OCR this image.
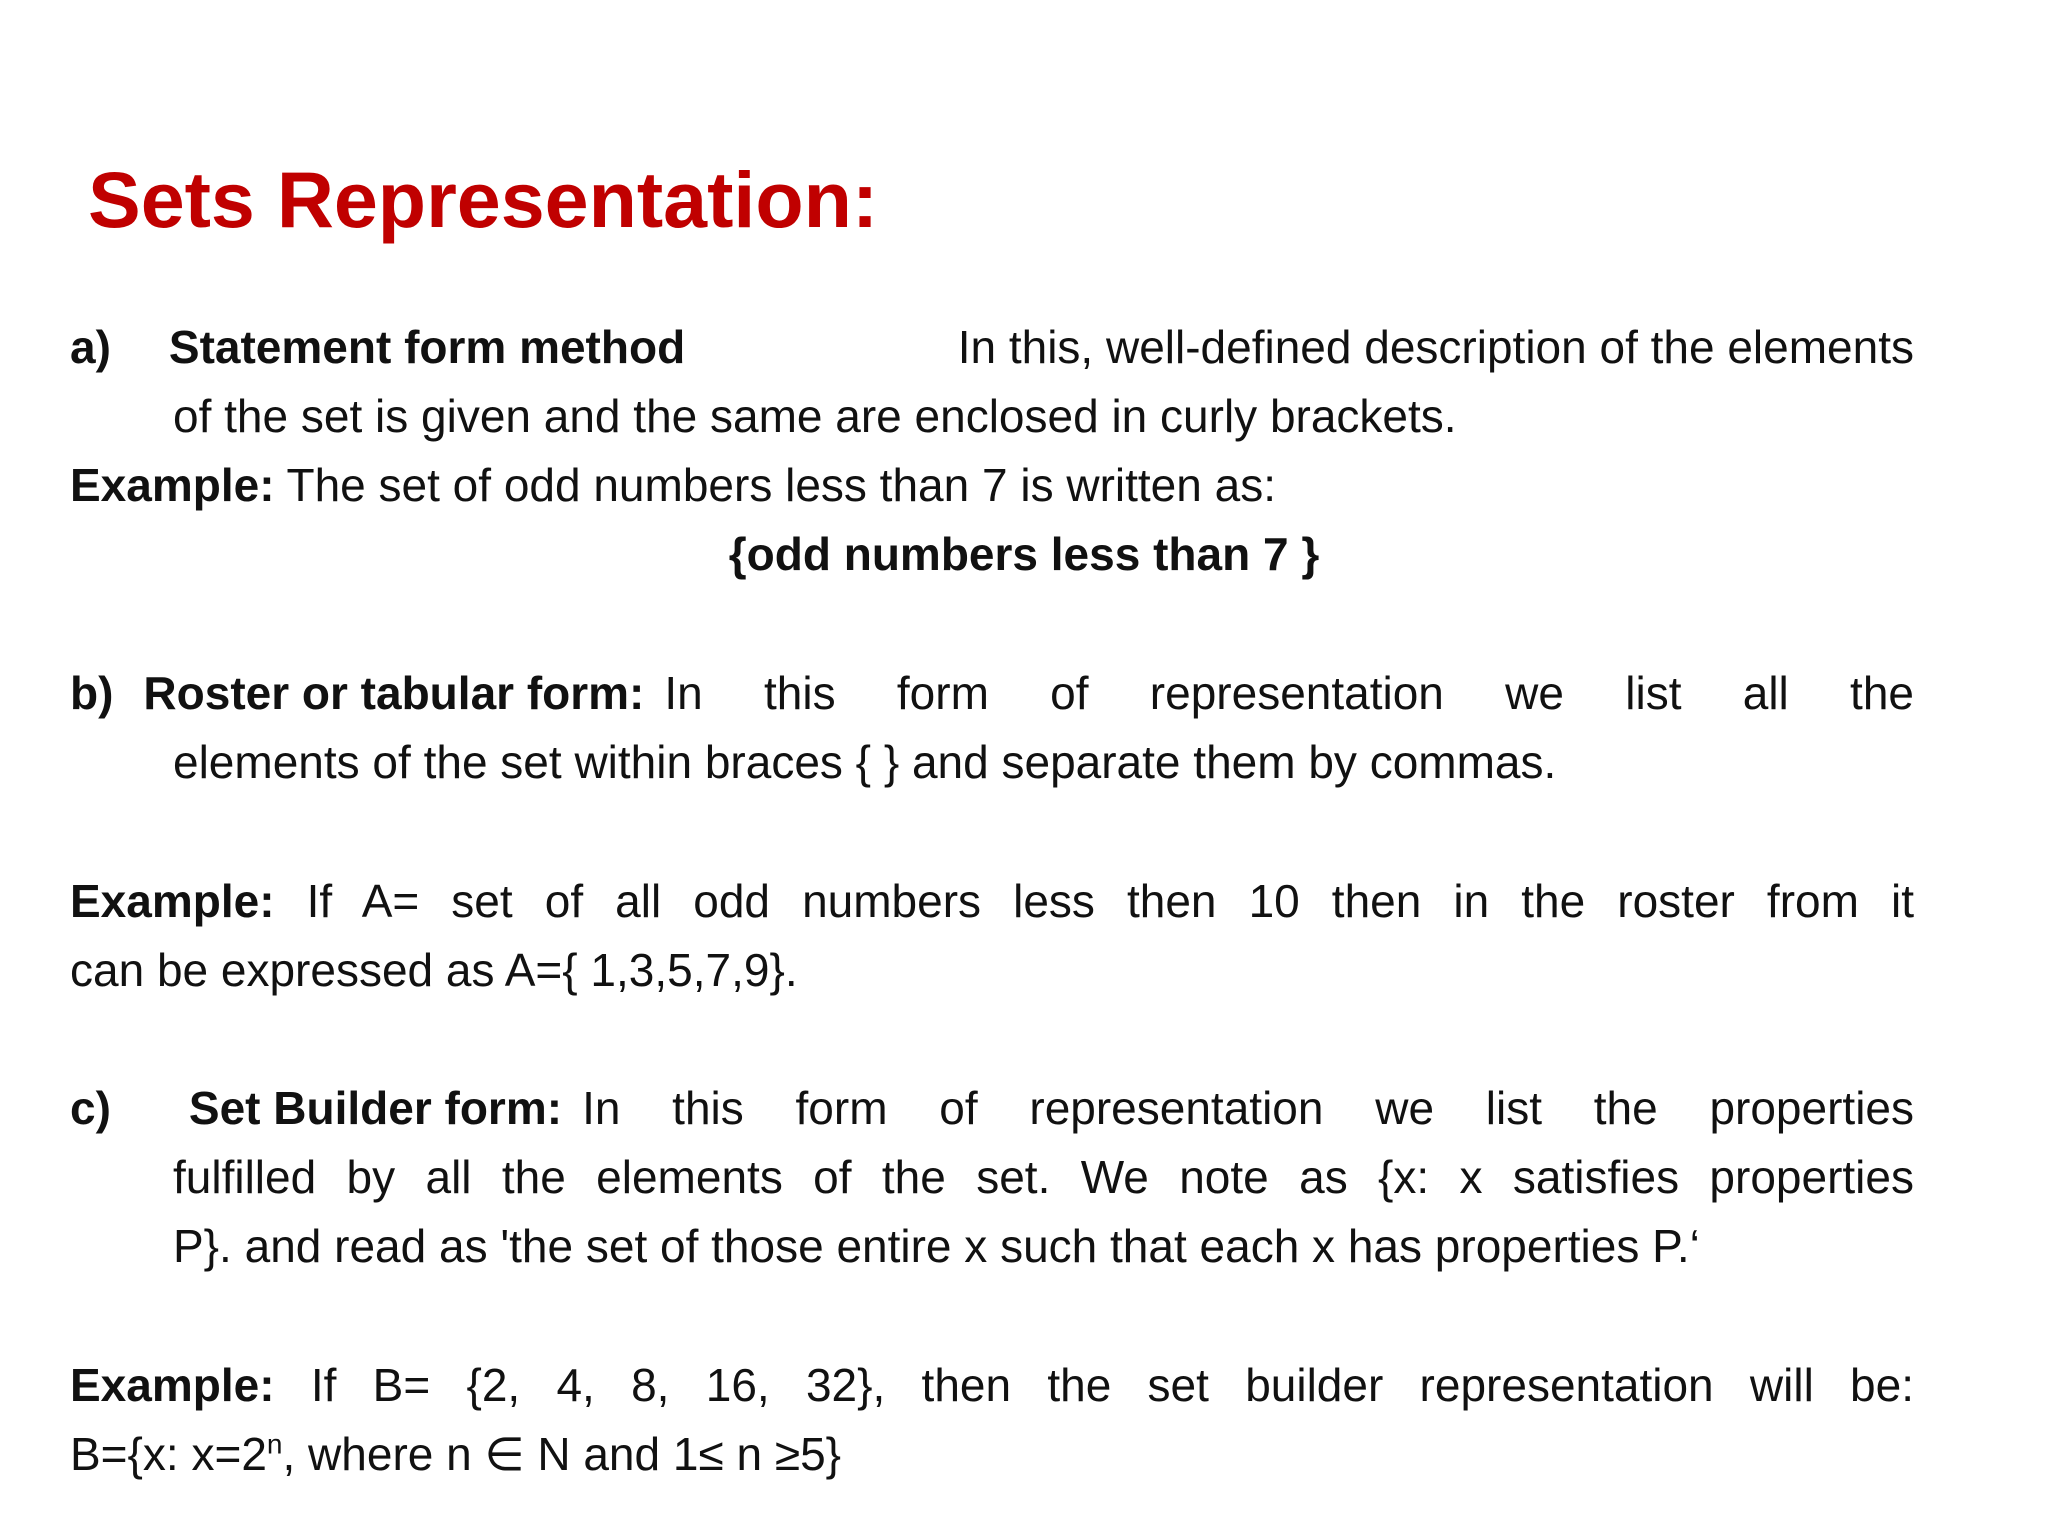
Sets Representation:
a) Statement form method	In this, well-defined description of the elements
of the set is given and the same are enclosed in curly brackets.
Example: The set of odd numbers less than 7 is written as:
{odd numbers less than 7 }
b) Roster or tabular form: In this form of representation we list all the
elements of the set within braces { } and separate them by commas.
Example: If A= set of all odd numbers less then 10 then in the roster from it
can be expressed as A={ 1,3,5,7,9}.
c) Set Builder form: In this form of representation we list the properties
fulfilled by all the elements of the set. We note as {x: x satisfies properties
P}. and read as 'the set of those entire x such that each x has properties P.‘
Example: If B= {2, 4, 8, 16, 32}, then the set builder representation will be:
B={x: $x=2^n$, where n ∈ N and 1≤ n ≥5}
